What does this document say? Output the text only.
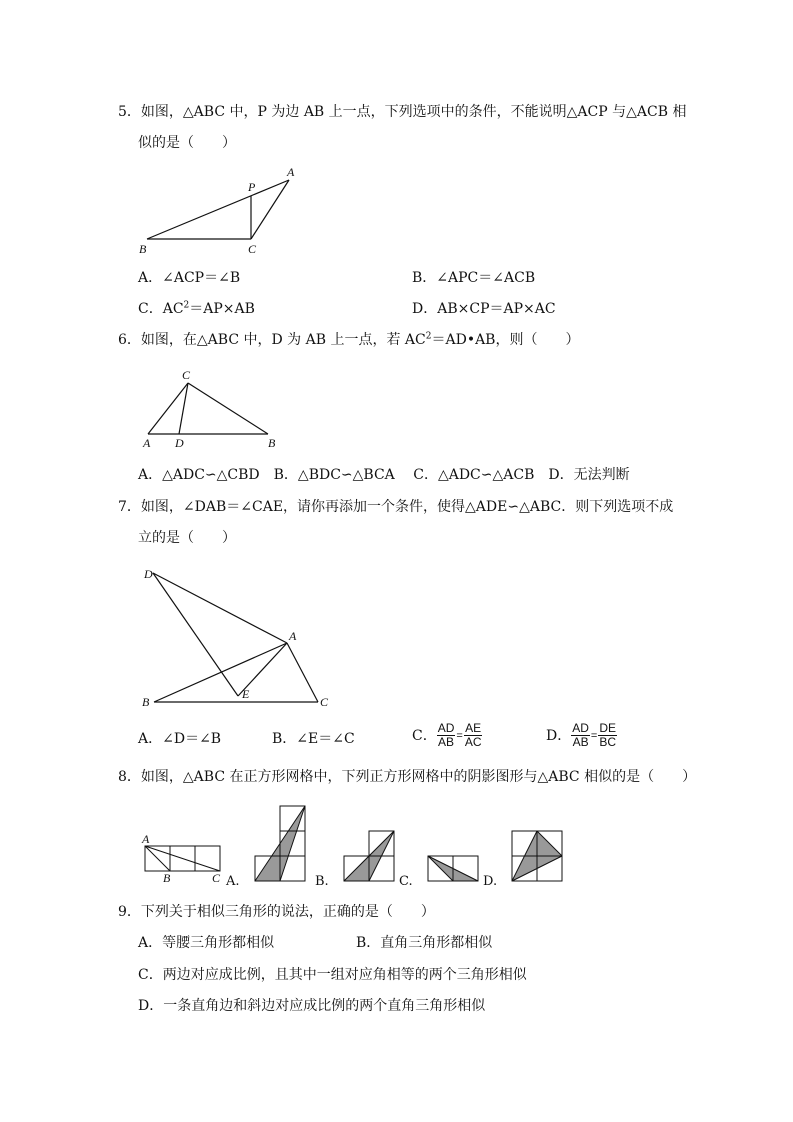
5．如图，△ABC 中，P 为边 AB 上一点，下列选项中的条件，不能说明△ACP 与△ACB 相
似的是（　　）
A
P
B	C
A．∠ACP＝∠B	B．∠APC＝∠ACB
C．$AC^2=AP\times AB$	D．AB×CP＝AP×AC
6．如图，在△ABC 中，D 为 AB 上一点，若 $AC^2=AD•AB$，则（　　）
C
A D	B
A．△ADC∽△CBD　B．△BDC∽△BCA　 C．△ADC∽△ACB　D．无法判断
7．如图，∠DAB＝∠CAE，请你再添加一个条件，使得△ADE∽△ABC．则下列选项不成
立的是（　　）
D
A
B
E
C
A．∠D＝∠B	B．∠E＝∠C	C． $\frac{AD}{AB} = \frac{AE}{AC}$	D． $\frac{AD}{AB} = \frac{DE}{BC}$
8．如图，△ABC 在正方形网格中，下列正方形网格中的阴影图形与△ABC 相似的是（　　）
A
B	C A.	B.	C.	D.
9．下列关于相似三角形的说法，正确的是（　　）
A．等腰三角形都相似	B．直角三角形都相似
C．两边对应成比例，且其中一组对应角相等的两个三角形相似
D．一条直角边和斜边对应成比例的两个直角三角形相似
